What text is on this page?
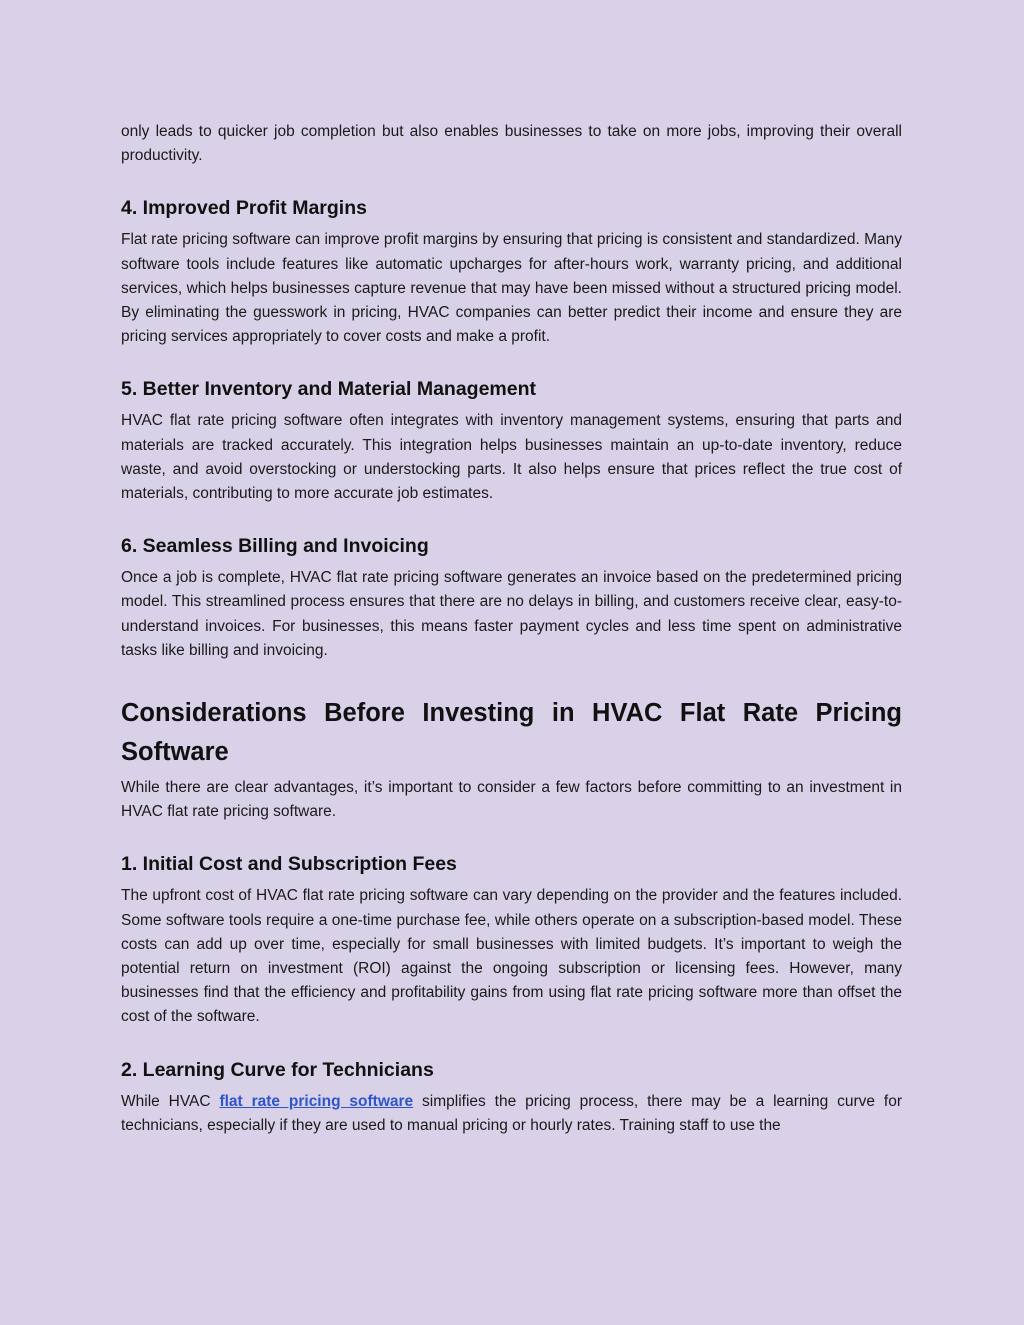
only leads to quicker job completion but also enables businesses to take on more jobs, improving their overall productivity.

4. Improved Profit Margins

Flat rate pricing software can improve profit margins by ensuring that pricing is consistent and standardized. Many software tools include features like automatic upcharges for after-hours work, warranty pricing, and additional services, which helps businesses capture revenue that may have been missed without a structured pricing model. By eliminating the guesswork in pricing, HVAC companies can better predict their income and ensure they are pricing services appropriately to cover costs and make a profit.

5. Better Inventory and Material Management

HVAC flat rate pricing software often integrates with inventory management systems, ensuring that parts and materials are tracked accurately. This integration helps businesses maintain an up-to-date inventory, reduce waste, and avoid overstocking or understocking parts. It also helps ensure that prices reflect the true cost of materials, contributing to more accurate job estimates.

6. Seamless Billing and Invoicing

Once a job is complete, HVAC flat rate pricing software generates an invoice based on the predetermined pricing model. This streamlined process ensures that there are no delays in billing, and customers receive clear, easy-to-understand invoices. For businesses, this means faster payment cycles and less time spent on administrative tasks like billing and invoicing.

Considerations Before Investing in HVAC Flat Rate Pricing Software

While there are clear advantages, it’s important to consider a few factors before committing to an investment in HVAC flat rate pricing software.

1. Initial Cost and Subscription Fees

The upfront cost of HVAC flat rate pricing software can vary depending on the provider and the features included. Some software tools require a one-time purchase fee, while others operate on a subscription-based model. These costs can add up over time, especially for small businesses with limited budgets. It’s important to weigh the potential return on investment (ROI) against the ongoing subscription or licensing fees. However, many businesses find that the efficiency and profitability gains from using flat rate pricing software more than offset the cost of the software.

2. Learning Curve for Technicians

While HVAC flat rate pricing software simplifies the pricing process, there may be a learning curve for technicians, especially if they are used to manual pricing or hourly rates. Training staff to use the
